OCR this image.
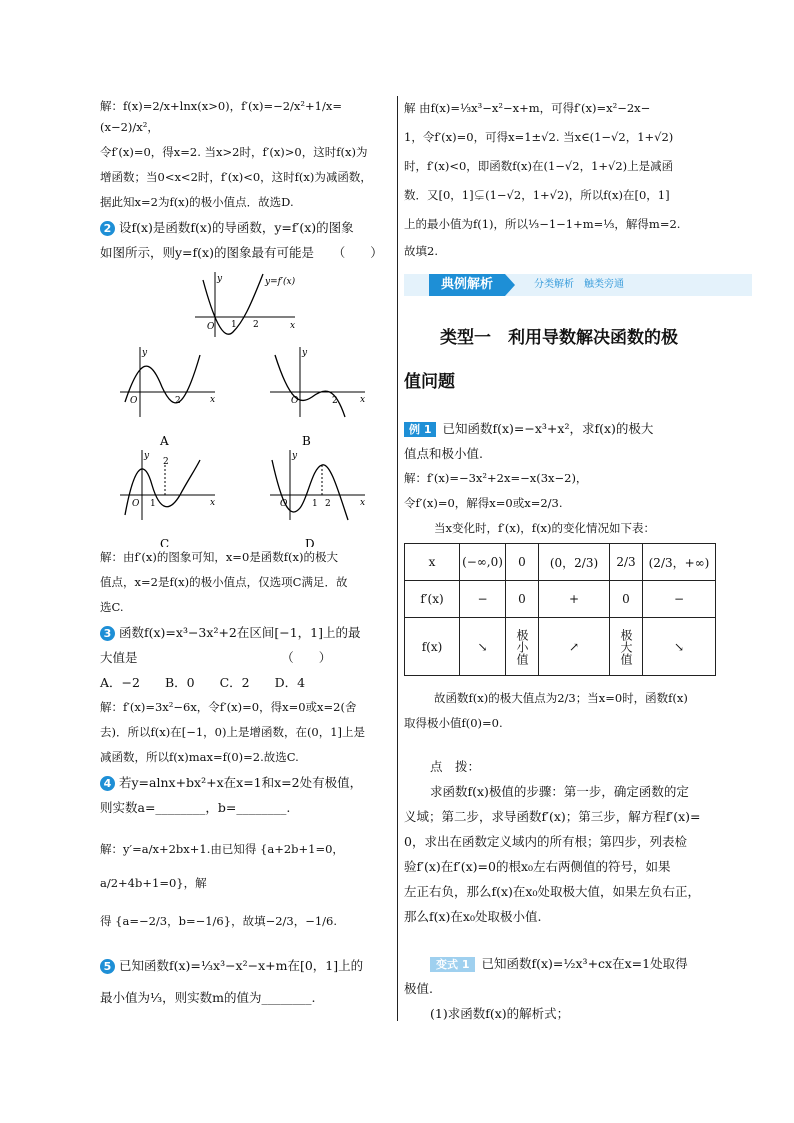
解：f(x)=2/x+lnx(x>0)，f′(x)=−2/x²+1/x=(x−2)/x²，

令f′(x)=0，得x=2. 当x>2时，f′(x)>0，这时f(x)为

增函数；当0<x<2时，f′(x)<0，这时f(x)为减函数，

据此知x=2为f(x)的极小值点．故选D.

2 设f(x)是函数f(x)的导函数，y=f′(x)的图象

如图所示，则y=f(x)的图象最有可能是　　（　　）

y
x
O 1 2
y=f′(x)
O	2	x
y
A
O	2 x
y
B
O 1
2
x
y
C
O	1 2	x
y
D

解：由f′(x)的图象可知，x=0是函数f(x)的极大

值点，x=2是f(x)的极小值点，仅选项C满足．故

选C.

3 函数f(x)=x³−3x²+2在区间[−1，1]上的最

大值是　　　　　　　　　　　　（　　）

A．−2　　B．0　　C．2　　D．4

解：f′(x)=3x²−6x，令f′(x)=0，得x=0或x=2(舍

去)．所以f(x)在[−1，0)上是增函数，在(0，1]上是

减函数，所以f(x)max=f(0)=2.故选C.

4 若y=alnx+bx²+x在x=1和x=2处有极值，

则实数a=________，b=________.

解：y′=a/x+2bx+1.由已知得 {a+2b+1=0，a/2+4b+1=0}，解

得 {a=−2/3，b=−1/6}，故填−2/3，−1/6.

5 已知函数f(x)=⅓x³−x²−x+m在[0，1]上的

最小值为⅓，则实数m的值为________.

解 由f(x)=⅓x³−x²−x+m，可得f′(x)=x²−2x−

1，令f′(x)=0，可得x=1±√2. 当x∈(1−√2，1+√2)

时，f′(x)<0，即函数f(x)在(1−√2，1+√2)上是减函

数．又[0，1]⊊(1−√2，1+√2)，所以f(x)在[0，1]

上的最小值为f(1)，所以⅓−1−1+m=⅓，解得m=2.

故填2.

典例解析	分类解析　触类旁通

类型一　利用导数解决函数的极

值问题

例 1 已知函数f(x)=−x³+x²，求f(x)的极大

值点和极小值.

解：f′(x)=−3x²+2x=−x(3x−2)，

令f′(x)=0，解得x=0或x=2/3.

当x变化时，f′(x)，f(x)的变化情况如下表：

x	(−∞,0)	0	(0，2/3)	2/3	(2/3，+∞)
f′(x)	−	0	+	0	−
f(x)	↘	极小值	↗	极大值	↘

故函数f(x)的极大值点为2/3；当x=0时，函数f(x)

取得极小值f(0)=0.

点　拨：

求函数f(x)极值的步骤：第一步，确定函数的定

义域；第二步，求导函数f′(x)；第三步，解方程f′(x)=

0，求出在函数定义域内的所有根；第四步，列表检

验f′(x)在f′(x)=0的根x₀左右两侧值的符号，如果

左正右负，那么f(x)在x₀处取极大值，如果左负右正，

那么f(x)在x₀处取极小值.

变式 1 已知函数f(x)=½x³+cx在x=1处取得

极值.

(1)求函数f(x)的解析式；
